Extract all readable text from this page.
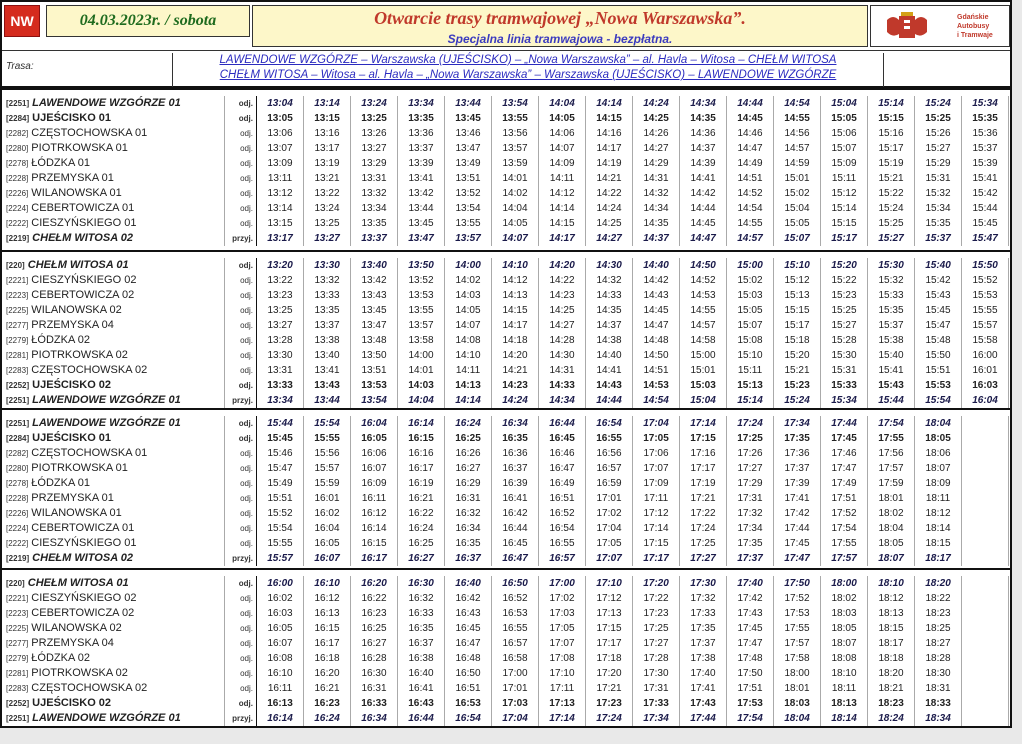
NW	04.03.2023r. / sobota	Otwarcie trasy tramwajowej „Nowa Warszawska”.
Specjalna linia tramwajowa - bezpłatna.
Gdańskie
Autobusy
i Tramwaje
Trasa:
LAWENDOWE WZGÓRZE – Warszawska (UJEŚCISKO) – „Nowa Warszawska” – al. Havla – Witosa – CHEŁM WITOSA
CHEŁM WITOSA – Witosa – al. Havla – „Nowa Warszawska” – Warszawska (UJEŚCISKO) – LAWENDOWE WZGÓRZE
[2251] LAWENDOWE WZGÓRZE 01	odj.	13:04	13:14	13:24	13:34	13:44	13:54	14:04	14:14	14:24	14:34	14:44	14:54	15:04	15:14	15:24	15:34
[2284] UJEŚCISKO 01	odj.	13:05	13:15	13:25	13:35	13:45	13:55	14:05	14:15	14:25	14:35	14:45	14:55	15:05	15:15	15:25	15:35
[2282] CZĘSTOCHOWSKA 01	odj.	13:06	13:16	13:26	13:36	13:46	13:56	14:06	14:16	14:26	14:36	14:46	14:56	15:06	15:16	15:26	15:36
[2280] PIOTRKOWSKA 01	odj.	13:07	13:17	13:27	13:37	13:47	13:57	14:07	14:17	14:27	14:37	14:47	14:57	15:07	15:17	15:27	15:37
[2278] ŁÓDZKA 01	odj.	13:09	13:19	13:29	13:39	13:49	13:59	14:09	14:19	14:29	14:39	14:49	14:59	15:09	15:19	15:29	15:39
[2228] PRZEMYSKA 01	odj.	13:11	13:21	13:31	13:41	13:51	14:01	14:11	14:21	14:31	14:41	14:51	15:01	15:11	15:21	15:31	15:41
[2226] WILANOWSKA 01	odj.	13:12	13:22	13:32	13:42	13:52	14:02	14:12	14:22	14:32	14:42	14:52	15:02	15:12	15:22	15:32	15:42
[2224] CEBERTOWICZA 01	odj.	13:14	13:24	13:34	13:44	13:54	14:04	14:14	14:24	14:34	14:44	14:54	15:04	15:14	15:24	15:34	15:44
[2222] CIESZYŃSKIEGO 01	odj.	13:15	13:25	13:35	13:45	13:55	14:05	14:15	14:25	14:35	14:45	14:55	15:05	15:15	15:25	15:35	15:45
[2219] CHEŁM WITOSA 02	przyj.	13:17	13:27	13:37	13:47	13:57	14:07	14:17	14:27	14:37	14:47	14:57	15:07	15:17	15:27	15:37	15:47
[220] CHEŁM WITOSA 01	odj.	13:20	13:30	13:40	13:50	14:00	14:10	14:20	14:30	14:40	14:50	15:00	15:10	15:20	15:30	15:40	15:50
[2221] CIESZYŃSKIEGO 02	odj.	13:22	13:32	13:42	13:52	14:02	14:12	14:22	14:32	14:42	14:52	15:02	15:12	15:22	15:32	15:42	15:52
[2223] CEBERTOWICZA 02	odj.	13:23	13:33	13:43	13:53	14:03	14:13	14:23	14:33	14:43	14:53	15:03	15:13	15:23	15:33	15:43	15:53
[2225] WILANOWSKA 02	odj.	13:25	13:35	13:45	13:55	14:05	14:15	14:25	14:35	14:45	14:55	15:05	15:15	15:25	15:35	15:45	15:55
[2277] PRZEMYSKA 04	odj.	13:27	13:37	13:47	13:57	14:07	14:17	14:27	14:37	14:47	14:57	15:07	15:17	15:27	15:37	15:47	15:57
[2279] ŁÓDZKA 02	odj.	13:28	13:38	13:48	13:58	14:08	14:18	14:28	14:38	14:48	14:58	15:08	15:18	15:28	15:38	15:48	15:58
[2281] PIOTRKOWSKA 02	odj.	13:30	13:40	13:50	14:00	14:10	14:20	14:30	14:40	14:50	15:00	15:10	15:20	15:30	15:40	15:50	16:00
[2283] CZĘSTOCHOWSKA 02	odj.	13:31	13:41	13:51	14:01	14:11	14:21	14:31	14:41	14:51	15:01	15:11	15:21	15:31	15:41	15:51	16:01
[2252] UJEŚCISKO 02	odj.	13:33	13:43	13:53	14:03	14:13	14:23	14:33	14:43	14:53	15:03	15:13	15:23	15:33	15:43	15:53	16:03
[2251] LAWENDOWE WZGÓRZE 01	przyj.	13:34	13:44	13:54	14:04	14:14	14:24	14:34	14:44	14:54	15:04	15:14	15:24	15:34	15:44	15:54	16:04
[2251] LAWENDOWE WZGÓRZE 01	odj.	15:44	15:54	16:04	16:14	16:24	16:34	16:44	16:54	17:04	17:14	17:24	17:34	17:44	17:54	18:04	
[2284] UJEŚCISKO 01	odj.	15:45	15:55	16:05	16:15	16:25	16:35	16:45	16:55	17:05	17:15	17:25	17:35	17:45	17:55	18:05	
[2282] CZĘSTOCHOWSKA 01	odj.	15:46	15:56	16:06	16:16	16:26	16:36	16:46	16:56	17:06	17:16	17:26	17:36	17:46	17:56	18:06	
[2280] PIOTRKOWSKA 01	odj.	15:47	15:57	16:07	16:17	16:27	16:37	16:47	16:57	17:07	17:17	17:27	17:37	17:47	17:57	18:07	
[2278] ŁÓDZKA 01	odj.	15:49	15:59	16:09	16:19	16:29	16:39	16:49	16:59	17:09	17:19	17:29	17:39	17:49	17:59	18:09	
[2228] PRZEMYSKA 01	odj.	15:51	16:01	16:11	16:21	16:31	16:41	16:51	17:01	17:11	17:21	17:31	17:41	17:51	18:01	18:11	
[2226] WILANOWSKA 01	odj.	15:52	16:02	16:12	16:22	16:32	16:42	16:52	17:02	17:12	17:22	17:32	17:42	17:52	18:02	18:12	
[2224] CEBERTOWICZA 01	odj.	15:54	16:04	16:14	16:24	16:34	16:44	16:54	17:04	17:14	17:24	17:34	17:44	17:54	18:04	18:14	
[2222] CIESZYŃSKIEGO 01	odj.	15:55	16:05	16:15	16:25	16:35	16:45	16:55	17:05	17:15	17:25	17:35	17:45	17:55	18:05	18:15	
[2219] CHEŁM WITOSA 02	przyj.	15:57	16:07	16:17	16:27	16:37	16:47	16:57	17:07	17:17	17:27	17:37	17:47	17:57	18:07	18:17	
[220] CHEŁM WITOSA 01	odj.	16:00	16:10	16:20	16:30	16:40	16:50	17:00	17:10	17:20	17:30	17:40	17:50	18:00	18:10	18:20	
[2221] CIESZYŃSKIEGO 02	odj.	16:02	16:12	16:22	16:32	16:42	16:52	17:02	17:12	17:22	17:32	17:42	17:52	18:02	18:12	18:22	
[2223] CEBERTOWICZA 02	odj.	16:03	16:13	16:23	16:33	16:43	16:53	17:03	17:13	17:23	17:33	17:43	17:53	18:03	18:13	18:23	
[2225] WILANOWSKA 02	odj.	16:05	16:15	16:25	16:35	16:45	16:55	17:05	17:15	17:25	17:35	17:45	17:55	18:05	18:15	18:25	
[2277] PRZEMYSKA 04	odj.	16:07	16:17	16:27	16:37	16:47	16:57	17:07	17:17	17:27	17:37	17:47	17:57	18:07	18:17	18:27	
[2279] ŁÓDZKA 02	odj.	16:08	16:18	16:28	16:38	16:48	16:58	17:08	17:18	17:28	17:38	17:48	17:58	18:08	18:18	18:28	
[2281] PIOTRKOWSKA 02	odj.	16:10	16:20	16:30	16:40	16:50	17:00	17:10	17:20	17:30	17:40	17:50	18:00	18:10	18:20	18:30	
[2283] CZĘSTOCHOWSKA 02	odj.	16:11	16:21	16:31	16:41	16:51	17:01	17:11	17:21	17:31	17:41	17:51	18:01	18:11	18:21	18:31	
[2252] UJEŚCISKO 02	odj.	16:13	16:23	16:33	16:43	16:53	17:03	17:13	17:23	17:33	17:43	17:53	18:03	18:13	18:23	18:33	
[2251] LAWENDOWE WZGÓRZE 01	przyj.	16:14	16:24	16:34	16:44	16:54	17:04	17:14	17:24	17:34	17:44	17:54	18:04	18:14	18:24	18:34	
